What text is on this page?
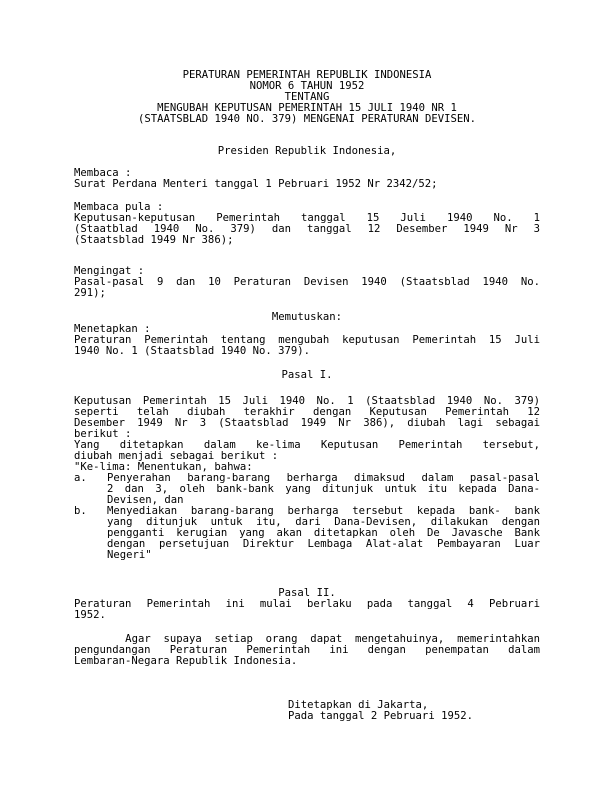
PERATURAN PEMERINTAH REPUBLIK INDONESIA
NOMOR 6 TAHUN 1952
TENTANG
MENGUBAH KEPUTUSAN PEMERINTAH 15 JULI 1940 NR 1
(STAATSBLAD 1940 NO. 379) MENGENAI PERATURAN DEVISEN.
Presiden Republik Indonesia,
Membaca :
Surat Perdana Menteri tanggal 1 Pebruari 1952 Nr 2342/52;
Membaca pula :
Keputusan-keputusan Pemerintah tanggal 15 Juli 1940 No. 1
(Staatblad 1940 No. 379) dan tanggal 12 Desember 1949 Nr 3
(Staatsblad 1949 Nr 386);
Mengingat :
Pasal-pasal 9 dan 10 Peraturan Devisen 1940 (Staatsblad 1940 No.
291);
Memutuskan:
Menetapkan :
Peraturan Pemerintah tentang mengubah keputusan Pemerintah 15 Juli
1940 No. 1 (Staatsblad 1940 No. 379).
Pasal I.
Keputusan Pemerintah 15 Juli 1940 No. 1 (Staatsblad 1940 No. 379)
seperti telah diubah terakhir dengan Keputusan Pemerintah 12
Desember 1949 Nr 3 (Staatsblad 1949 Nr 386), diubah lagi sebagai
berikut :
Yang ditetapkan dalam ke-lima Keputusan Pemerintah tersebut,
diubah menjadi sebagai berikut :
"Ke-lima: Menentukan, bahwa:
a. Penyerahan barang-barang berharga dimaksud dalam pasal-pasal
2 dan 3, oleh bank-bank yang ditunjuk untuk itu kepada Dana-
Devisen, dan
b. Menyediakan barang-barang berharga tersebut kepada bank- bank
yang ditunjuk untuk itu, dari Dana-Devisen, dilakukan dengan
pengganti kerugian yang akan ditetapkan oleh De Javasche Bank
dengan persetujuan Direktur Lembaga Alat-alat Pembayaran Luar
Negeri"
Pasal II.
Peraturan Pemerintah ini mulai berlaku pada tanggal 4 Pebruari
1952.
Agar supaya setiap orang dapat mengetahuinya, memerintahkan
pengundangan Peraturan Pemerintah ini dengan penempatan dalam
Lembaran-Negara Republik Indonesia.
Ditetapkan di Jakarta,
Pada tanggal 2 Pebruari 1952.
